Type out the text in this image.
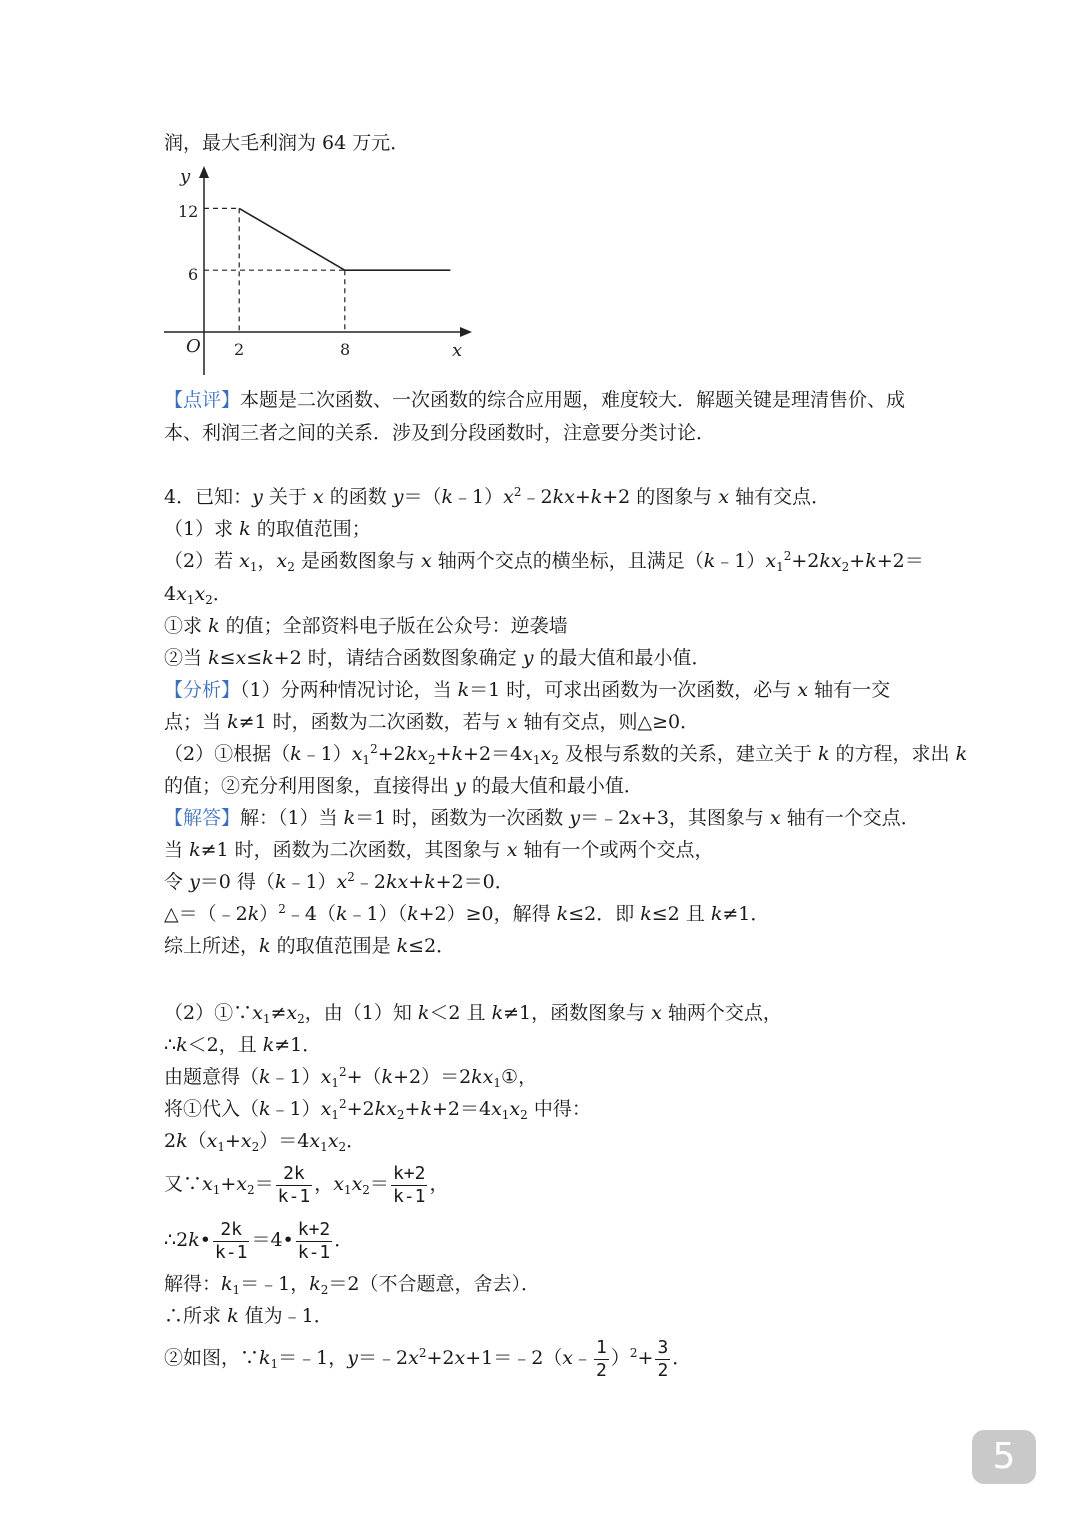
润，最大毛利润为 64 万元．
y
x
O
12
6
2	8
【点评】本题是二次函数、一次函数的综合应用题，难度较大．解题关键是理清售价、成
本、利润三者之间的关系．涉及到分段函数时，注意要分类讨论．
4．已知：y 关于 x 的函数 $y=(k﹣1)x^2﹣2kx+k+2$ 的图象与 x 轴有交点．
（1）求 k 的取值范围；
（2）若 $x_1$，$x_2$ 是函数图象与 x 轴两个交点的横坐标，且满足$(k﹣1)x_1^2+2kx_2+k+2=$
$4x_1x_2$．
①求 k 的值；全部资料电子版在公众号：逆袭墙
②当 k≤x≤k+2 时，请结合函数图象确定 y 的最大值和最小值．
【分析】（1）分两种情况讨论，当 k＝1 时，可求出函数为一次函数，必与 x 轴有一交
点；当 k≠1 时，函数为二次函数，若与 x 轴有交点，则△≥0．
（2）①根据$(k﹣1)x_1^2+2kx_2+k+2=4x_1x_2$ 及根与系数的关系，建立关于 k 的方程，求出 k
的值；②充分利用图象，直接得出 y 的最大值和最小值．
【解答】解：（1）当 k＝1 时，函数为一次函数 y＝﹣2x+3，其图象与 x 轴有一个交点．
当 k≠1 时，函数为二次函数，其图象与 x 轴有一个或两个交点，
令 y＝0 得$(k﹣1)x^2﹣2kx+k+2=0$．
△＝（﹣2k）$^2$﹣4（k﹣1）（k+2）≥0，解得 k≤2．即 k≤2 且 k≠1．
综上所述，k 的取值范围是 k≤2．
$(2)①\because x_1\ne x_2$，由（1）知 k＜2 且 k≠1，函数图象与 x 轴两个交点，
∴k＜2，且 k≠1．
由题意得$(k﹣1)x_1^2+(k+2)=2kx_1①$，
将①代入$(k﹣1)x_1^2+2kx_2+k+2=4x_1x_2$ 中得：
$2k(x_1+x_2)=4x_1x_2$．
又$\because x_1+x_2= \frac{2k}{k-1}$ ，$x_1x_2= \frac{k+2}{k-1}$ ，
∴2k• $\frac{2k}{k-1}$ ＝4• $\frac{k+2}{k-1}$ ．
解得：$k_1=﹣1$，$k_2=2$（不合题意，舍去）．
∴所求 k 值为﹣1．
②如图，$\because k_1=﹣1$，$y=﹣2x^2+2x+1=﹣2(x﹣ \frac{1}{2} )^2+ \frac{3}{2}$ ．
5
